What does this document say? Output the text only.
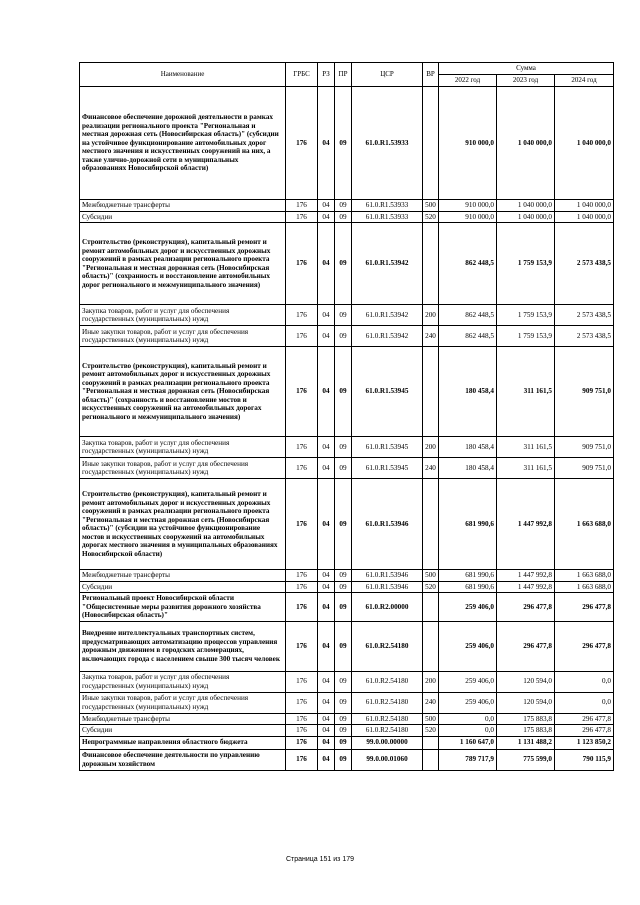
Наименование	ГРБС	РЗ	ПР	ЦСР	ВР	Сумма		
						2022 год	2023 год	2024 год
Финансовое обеспечение дорожной деятельности в рамках реализации регионального проекта "Региональная и местная дорожная сеть (Новосибирская область)" (субсидии на устойчивое функционирование автомобильных дорог местного значения и искусственных сооружений на них, а также улично-дорожной сети в муниципальных образованиях Новосибирской области)	176	04	09	61.0.R1.53933		910 000,0	1 040 000,0	1 040 000,0
Межбюджетные трансферты	176	04	09	61.0.R1.53933	500	910 000,0	1 040 000,0	1 040 000,0
Субсидии	176	04	09	61.0.R1.53933	520	910 000,0	1 040 000,0	1 040 000,0
Строительство (реконструкция), капитальный ремонт и ремонт автомобильных дорог и искусственных дорожных сооружений в рамках реализации регионального проекта "Региональная и местная дорожная сеть (Новосибирская область)" (сохранность и восстановление автомобильных дорог регионального и межмуниципального значения)	176	04	09	61.0.R1.53942		862 448,5	1 759 153,9	2 573 438,5
Закупка товаров, работ и услуг для обеспечения государственных (муниципальных) нужд	176	04	09	61.0.R1.53942	200	862 448,5	1 759 153,9	2 573 438,5
Иные закупки товаров, работ и услуг для обеспечения государственных (муниципальных) нужд	176	04	09	61.0.R1.53942	240	862 448,5	1 759 153,9	2 573 438,5
Строительство (реконструкция), капитальный ремонт и ремонт автомобильных дорог и искусственных дорожных сооружений в рамках реализации регионального проекта "Региональная и местная дорожная сеть (Новосибирская область)" (сохранность и восстановление мостов и искусственных сооружений на автомобильных дорогах регионального и межмуниципального значения)	176	04	09	61.0.R1.53945		180 458,4	311 161,5	909 751,0
Закупка товаров, работ и услуг для обеспечения государственных (муниципальных) нужд	176	04	09	61.0.R1.53945	200	180 458,4	311 161,5	909 751,0
Иные закупки товаров, работ и услуг для обеспечения государственных (муниципальных) нужд	176	04	09	61.0.R1.53945	240	180 458,4	311 161,5	909 751,0
Строительство (реконструкция), капитальный ремонт и ремонт автомобильных дорог и искусственных дорожных сооружений в рамках реализации регионального проекта "Региональная и местная дорожная сеть (Новосибирская область)" (субсидии на устойчивое функционирование мостов и искусственных сооружений на автомобильных дорогах местного значения в муниципальных образованиях Новосибирской области)	176	04	09	61.0.R1.53946		681 990,6	1 447 992,8	1 663 688,0
Межбюджетные трансферты	176	04	09	61.0.R1.53946	500	681 990,6	1 447 992,8	1 663 688,0
Субсидии	176	04	09	61.0.R1.53946	520	681 990,6	1 447 992,8	1 663 688,0
Региональный проект Новосибирской области "Общесистемные меры развития дорожного хозяйства (Новосибирская область)"	176	04	09	61.0.R2.00000		259 406,0	296 477,8	296 477,8
Внедрение интеллектуальных транспортных систем, предусматривающих автоматизацию процессов управления дорожным движением в городских агломерациях, включающих города с населением свыше 300 тысяч человек	176	04	09	61.0.R2.54180		259 406,0	296 477,8	296 477,8
Закупка товаров, работ и услуг для обеспечения государственных (муниципальных) нужд	176	04	09	61.0.R2.54180	200	259 406,0	120 594,0	0,0
Иные закупки товаров, работ и услуг для обеспечения государственных (муниципальных) нужд	176	04	09	61.0.R2.54180	240	259 406,0	120 594,0	0,0
Межбюджетные трансферты	176	04	09	61.0.R2.54180	500	0,0	175 883,8	296 477,8
Субсидии	176	04	09	61.0.R2.54180	520	0,0	175 883,8	296 477,8
Непрограммные направления областного бюджета	176	04	09	99.0.00.00000		1 160 647,0	1 131 488,2	1 123 850,2
Финансовое обеспечение деятельности по управлению дорожным хозяйством	176	04	09	99.0.00.01060		789 717,9	775 599,0	790 115,9
Страница 151 из 179
